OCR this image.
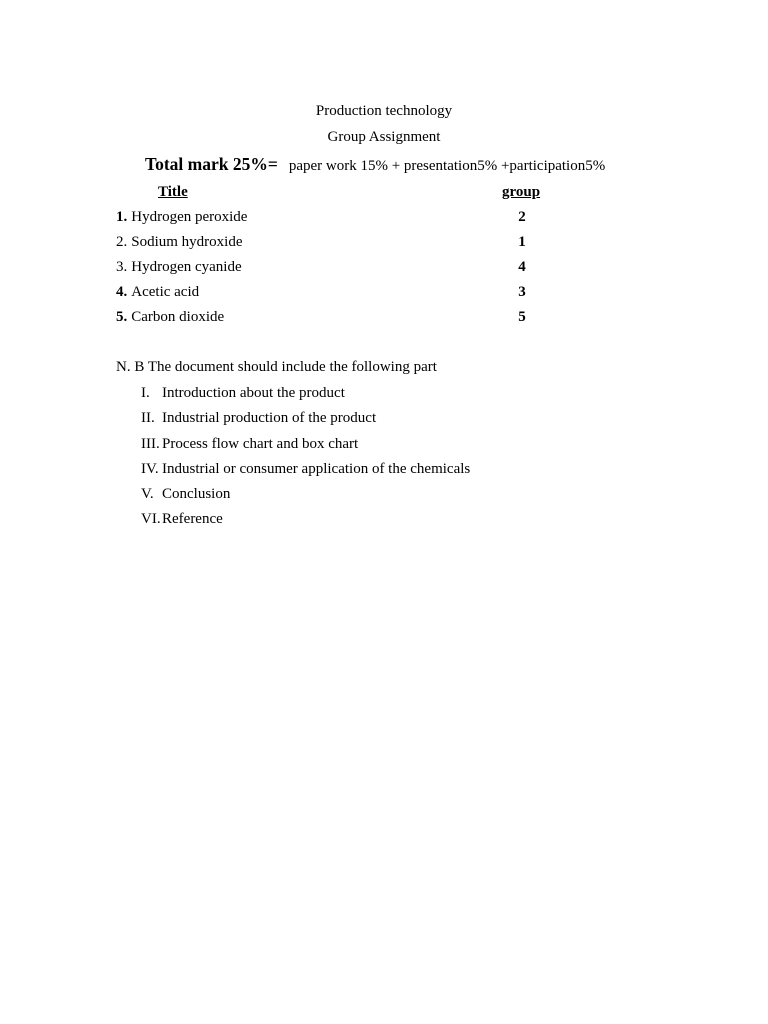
Production technology
Group Assignment
Total mark 25%= paper work 15% + presentation5% +participation5%
Title	group
1. Hydrogen peroxide	2
2. Sodium hydroxide	1
3. Hydrogen cyanide	4
4. Acetic acid	3
5. Carbon dioxide	5
N. B The document should include the following part
I. Introduction about the product
II. Industrial production of the product
III. Process flow chart and box chart
IV. Industrial or consumer application of the chemicals
V. Conclusion
VI.Reference
